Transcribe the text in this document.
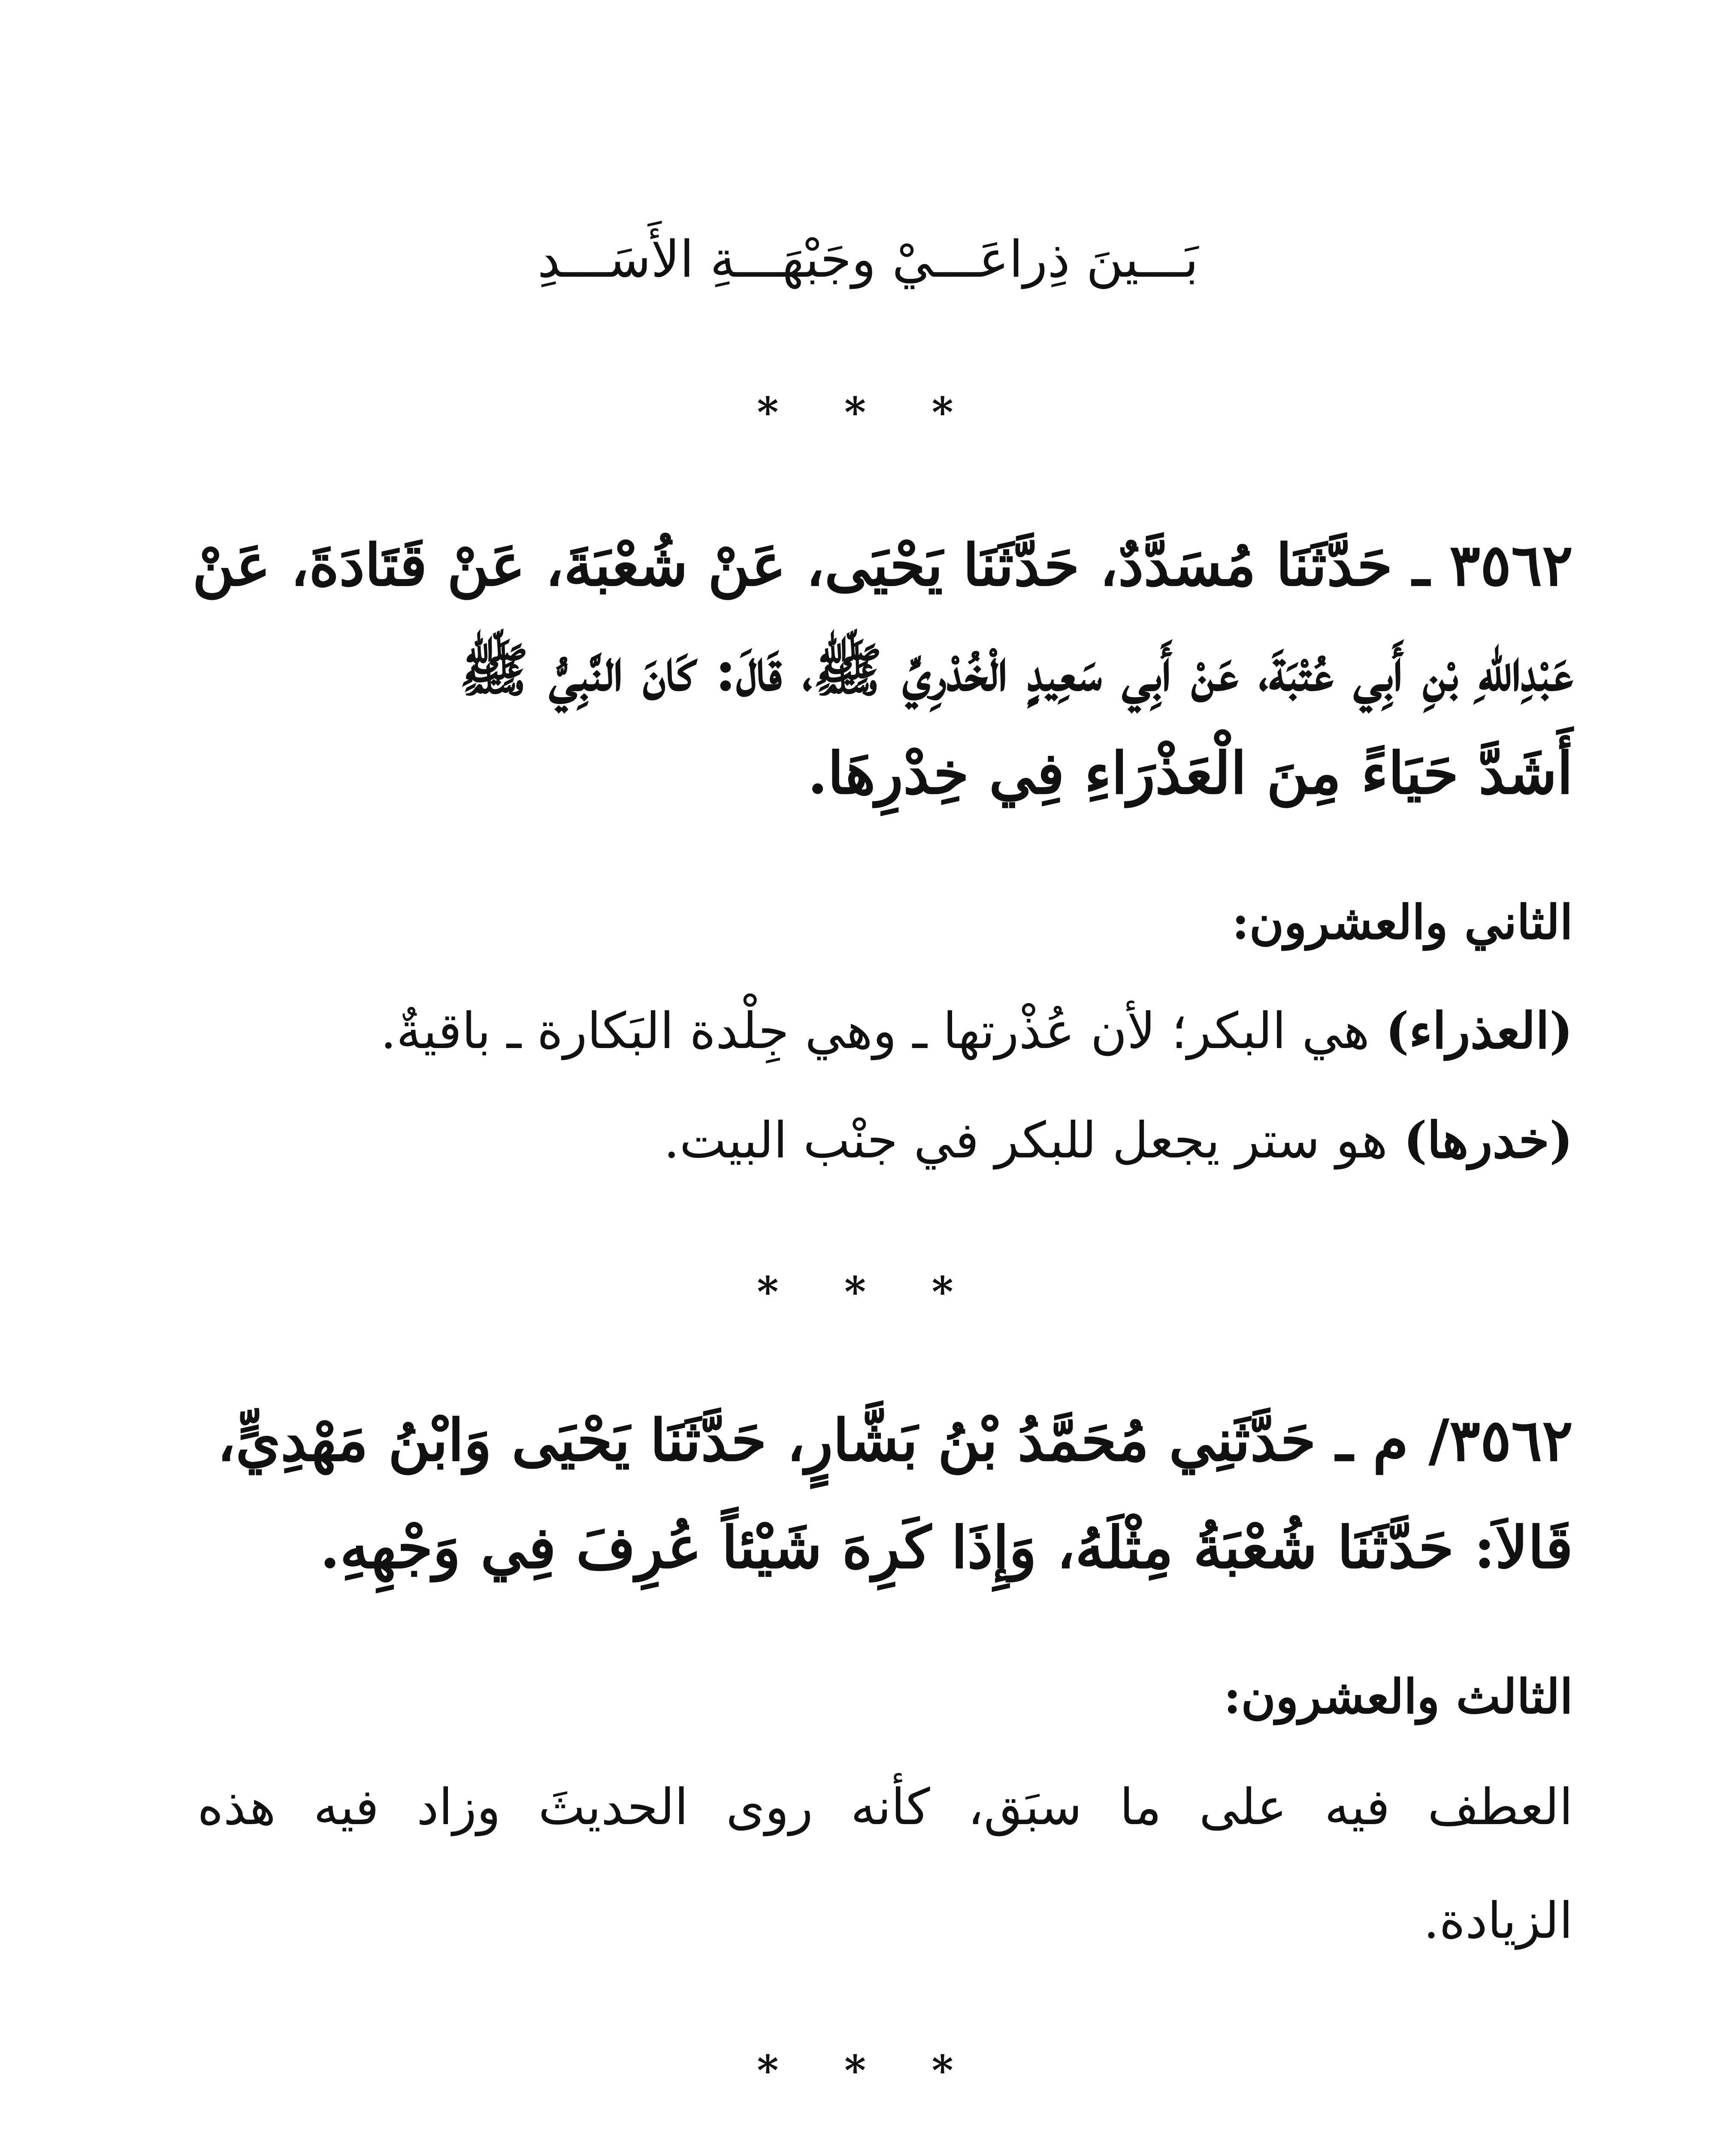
بَـــينَ ذِراعَـــيْ وجَبْهَـــةِ الأَسَـــدِ
* * *
٣٥٦٢ ـ حَدَّثَنَا مُسَدَّدٌ، حَدَّثَنَا يَحْيَى، عَنْ شُعْبَةَ، عَنْ قَتَادَةَ، عَنْ
عَبْدِاللهِ بْنِ أَبِي عُتْبَةَ، عَنْ أَبِي سَعِيدٍ الْخُدْرِيِّ ﷺ، قَالَ: كَانَ النَّبِيُّ ﷺ
أَشَدَّ حَيَاءً مِنَ الْعَذْرَاءِ فِي خِدْرِهَا.
الثاني والعشرون:
(العذراء) هي البكر؛ لأن عُذْرتها ـ وهي جِلْدة البَكارة ـ باقيةٌ.
(خدرها) هو ستر يجعل للبكر في جنْب البيت.
* * *
٣٥٦٢/ م ـ حَدَّثَنِي مُحَمَّدُ بْنُ بَشَّارٍ، حَدَّثَنَا يَحْيَى وَابْنُ مَهْدِيٍّ،
قَالاَ: حَدَّثَنَا شُعْبَةُ مِثْلَهُ، وَإِذَا كَرِهَ شَيْئاً عُرِفَ فِي وَجْهِهِ.
الثالث والعشرون:
العطف فيه على ما سبَق، كأنه روى الحديثَ وزاد فيه هذه
الزيادة.
* * *
